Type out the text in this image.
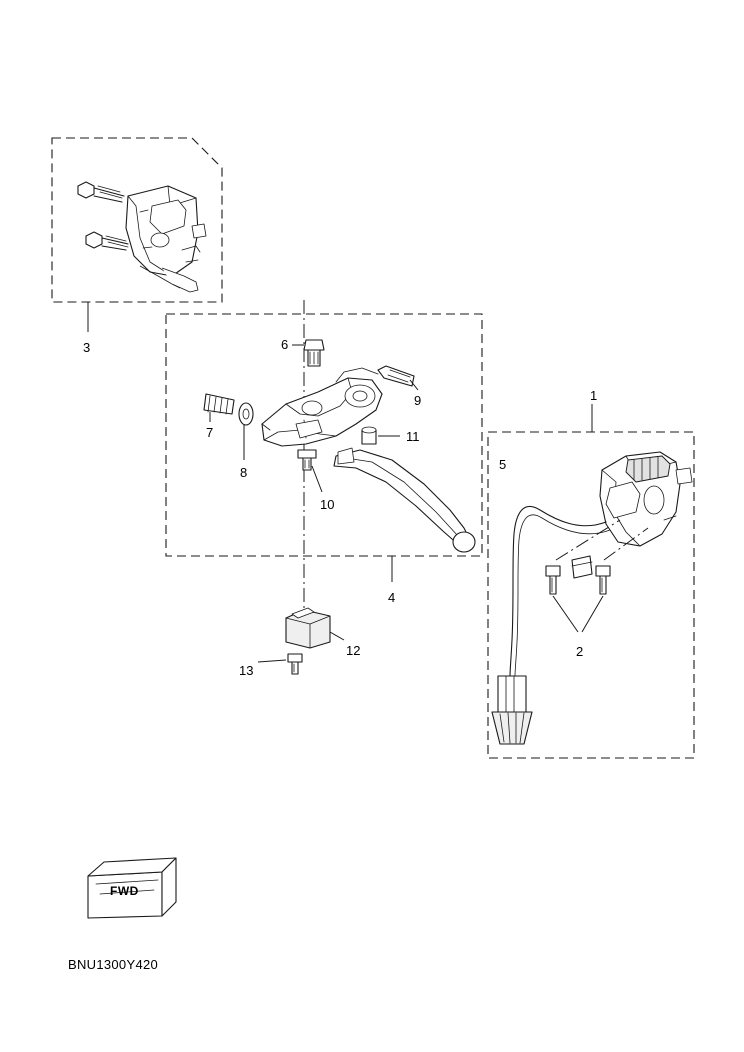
1
2
3
4
5
6
7
8
9
10
11
12
13
FWD
BNU1300Y420
